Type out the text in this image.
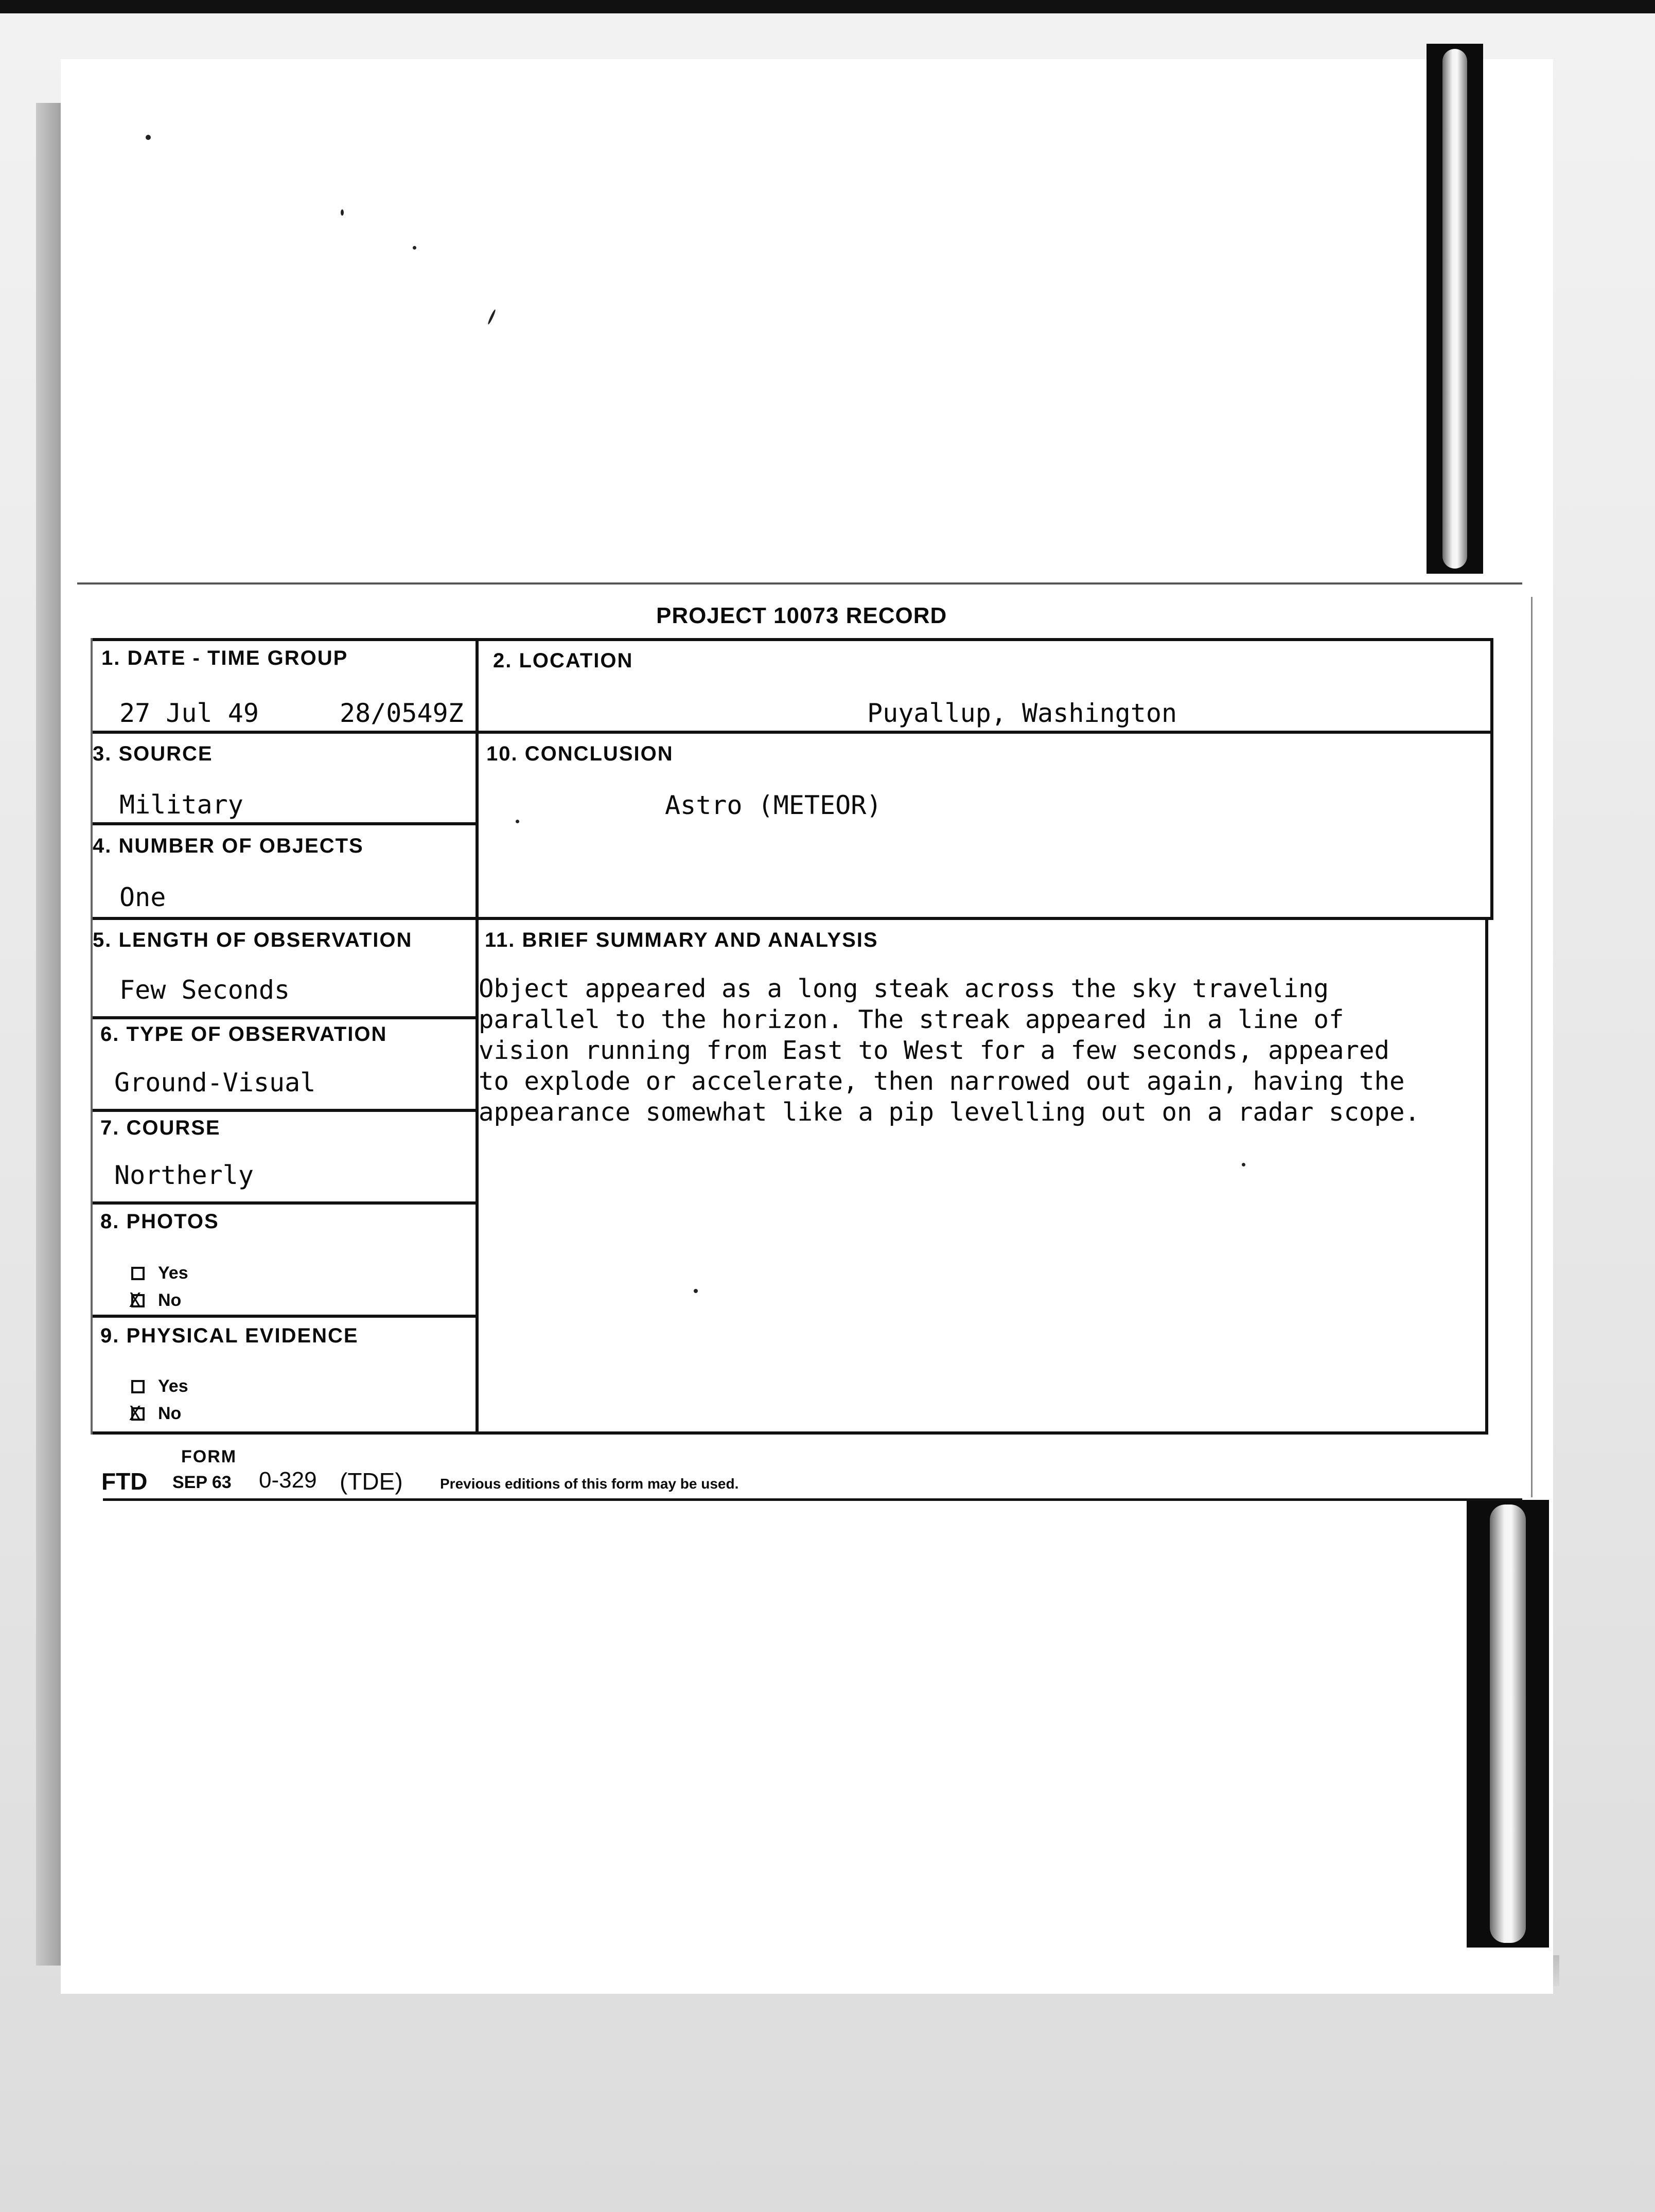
PROJECT 10073 RECORD
1. DATE - TIME GROUP
27 Jul 49	28/0549Z
2. LOCATION
Puyallup, Washington
3. SOURCE
Military
10. CONCLUSION
Astro (METEOR)
4. NUMBER OF OBJECTS
One
5. LENGTH OF OBSERVATION
Few Seconds
11. BRIEF SUMMARY AND ANALYSIS
Object appeared as a long steak across the sky traveling
parallel to the horizon. The streak appeared in a line of
vision running from East to West for a few seconds, appeared
to explode or accelerate, then narrowed out again, having the
appearance somewhat like a pip levelling out on a radar scope.
6. TYPE OF OBSERVATION
Ground-Visual
7. COURSE
Northerly
8. PHOTOS
Yes
X
No
9. PHYSICAL EVIDENCE
Yes
X
No
FORM
FTD SEP 63 0-329 (TDE)	Previous editions of this form may be used.
